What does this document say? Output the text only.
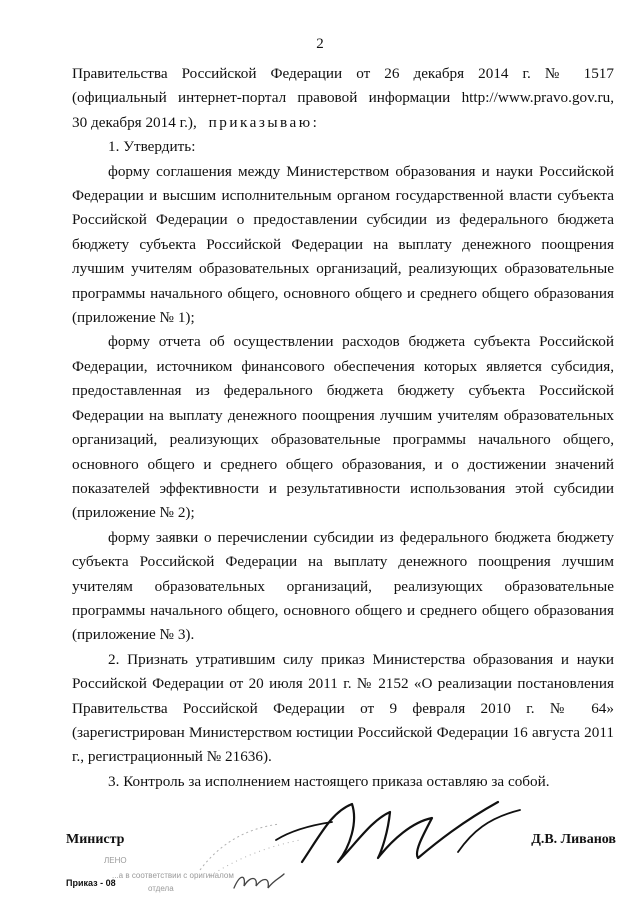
2

Правительства Российской Федерации от 26 декабря 2014 г. № 1517

(официальный интернет-портал правовой информации http://www.pravo.gov.ru,

30 декабря 2014 г.), приказываю:

1. Утвердить:

форму соглашения между Министерством образования и науки Российской Федерации и высшим исполнительным органом государственной власти субъекта Российской Федерации о предоставлении субсидии из федерального бюджета бюджету субъекта Российской Федерации на выплату денежного поощрения лучшим учителям образовательных организаций, реализующих образовательные программы начального общего, основного общего и среднего общего образования (приложение № 1);

форму отчета об осуществлении расходов бюджета субъекта Российской Федерации, источником финансового обеспечения которых является субсидия, предоставленная из федерального бюджета бюджету субъекта Российской Федерации на выплату денежного поощрения лучшим учителям образовательных организаций, реализующих образовательные программы начального общего, основного общего и среднего общего образования, и о достижении значений показателей эффективности и результативности использования этой субсидии (приложение № 2);

форму заявки о перечислении субсидии из федерального бюджета бюджету субъекта Российской Федерации на выплату денежного поощрения лучшим учителям образовательных организаций, реализующих образовательные программы начального общего, основного общего и среднего общего образования (приложение № 3).

2. Признать утратившим силу приказ Министерства образования и науки Российской Федерации от 20 июля 2011 г. № 2152 «О реализации постановления Правительства Российской Федерации от 9 февраля 2010 г. № 64» (зарегистрирован Министерством юстиции Российской Федерации 16 августа 2011 г., регистрационный № 21636).

3. Контроль за исполнением настоящего приказа оставляю за собой.

Министр	Д.В. Ливанов
ЛЕНО
...а в соответствии с оригиналом
отдела
Приказ - 08
